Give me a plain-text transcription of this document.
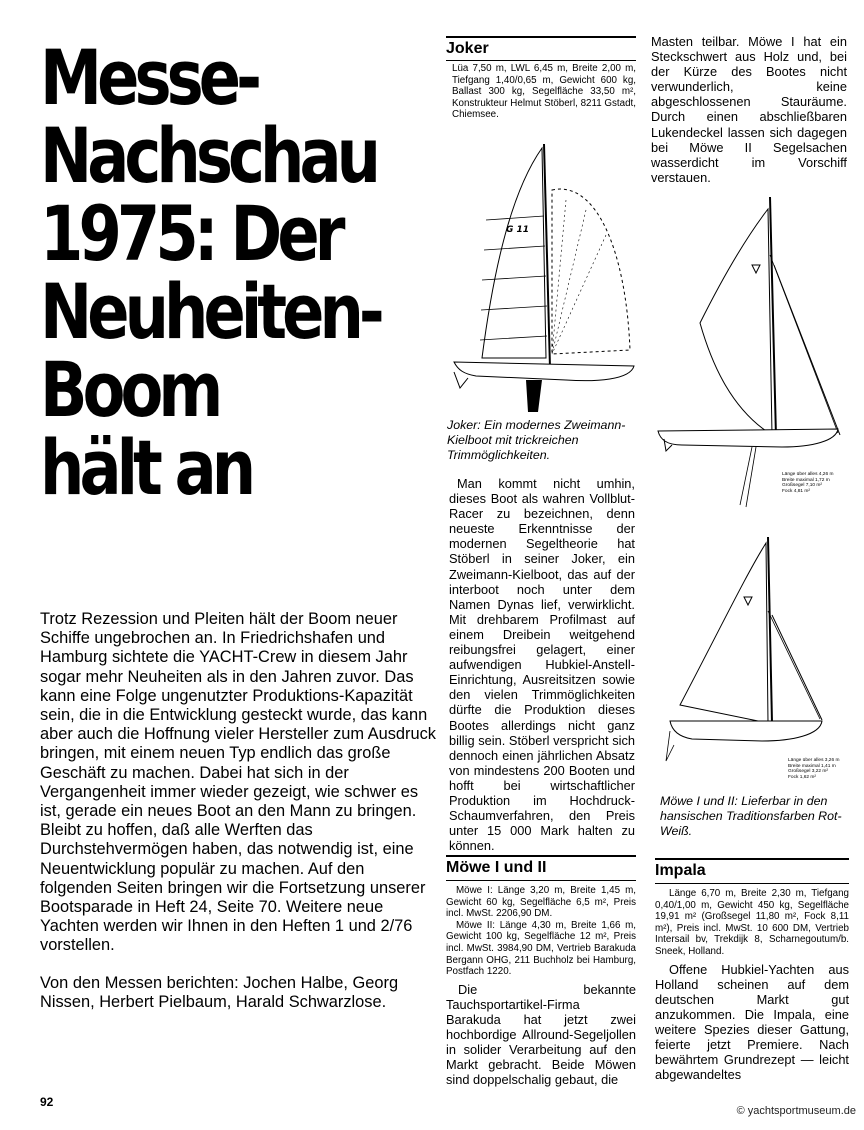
Messe-
Nachschau
1975: Der
Neuheiten-
Boom
hält an

Trotz Rezession und Pleiten hält der Boom neuer Schiffe ungebrochen an. In Friedrichshafen und Hamburg sichtete die YACHT-Crew in diesem Jahr sogar mehr Neuheiten als in den Jahren zuvor. Das kann eine Folge ungenutzter Produktions-Kapazität sein, die in die Entwicklung gesteckt wurde, das kann aber auch die Hoffnung vieler Hersteller zum Ausdruck bringen, mit einem neuen Typ endlich das große Geschäft zu machen. Dabei hat sich in der Vergangenheit immer wieder gezeigt, wie schwer es ist, gerade ein neues Boot an den Mann zu bringen. Bleibt zu hoffen, daß alle Werften das Durchstehvermögen haben, das notwendig ist, eine Neuentwicklung populär zu machen. Auf den folgenden Seiten bringen wir die Fortsetzung unserer Bootsparade in Heft 24, Seite 70. Weitere neue Yachten werden wir Ihnen in den Heften 1 und 2/76 vorstellen.

Von den Messen berichten: Jochen Halbe, Georg Nissen, Herbert Pielbaum, Harald Schwarzlose.

Joker
Lüa 7,50 m, LWL 6,45 m, Breite 2,00 m, Tiefgang 1,40/0,65 m, Gewicht 600 kg, Ballast 300 kg, Segelfläche 33,50 m², Konstrukteur Helmut Stöberl, 8211 Gstadt, Chiemsee.
G 11
Joker: Ein modernes Zweimann-Kielboot mit trickreichen Trimmöglichkeiten.
Man kommt nicht umhin, dieses Boot als wahren Vollblut-Racer zu bezeichnen, denn neueste Erkenntnisse der modernen Segeltheorie hat Stöberl in seiner Joker, ein Zweimann-Kielboot, das auf der interboot noch unter dem Namen Dynas lief, verwirklicht. Mit drehbarem Profilmast auf einem Dreibein weitgehend reibungsfrei gelagert, einer aufwendigen Hubkiel-Anstell-Einrichtung, Ausreitsitzen sowie den vielen Trimmöglichkeiten dürfte die Produktion dieses Bootes allerdings nicht ganz billig sein. Stöberl verspricht sich dennoch einen jährlichen Absatz von mindestens 200 Booten und hofft bei wirtschaftlicher Produktion im Hochdruck-Schaumverfahren, den Preis unter 15 000 Mark halten zu können.
Möwe I und II
Möwe I: Länge 3,20 m, Breite 1,45 m, Gewicht 60 kg, Segelfläche 6,5 m², Preis incl. MwSt. 2206,90 DM.
Möwe II: Länge 4,30 m, Breite 1,66 m, Gewicht 100 kg, Segelfläche 12 m², Preis incl. MwSt. 3984,90 DM, Vertrieb Barakuda Bergann OHG, 211 Buchholz bei Hamburg, Postfach 1220.
Die bekannte Tauchsportartikel-Firma Barakuda hat jetzt zwei hochbordige Allround-Segeljollen in solider Verarbeitung auf den Markt gebracht. Beide Möwen sind doppelschalig gebaut, die
Masten teilbar. Möwe I hat ein Steckschwert aus Holz und, bei der Kürze des Bootes nicht verwunderlich, keine abgeschlossenen Stauräume. Durch einen abschließbaren Lukendeckel lassen sich dagegen bei Möwe II Segelsachen wasserdicht im Vorschiff verstauen.
Länge über alles 4,26 m
Breite maximal 1,72 m
Großsegel 7,10 m²
Fock 4,81 m²
Länge über alles 3,26 m
Breite maximal 1,41 m
Großsegel 3,22 m²
Fock 1,62 m²
Möwe I und II: Lieferbar in den hansischen Traditionsfarben Rot-Weiß.
Impala
Länge 6,70 m, Breite 2,30 m, Tiefgang 0,40/1,00 m, Gewicht 450 kg, Segelfläche 19,91 m² (Großsegel 11,80 m², Fock 8,11 m²), Preis incl. MwSt. 10 600 DM, Vertrieb Intersail bv, Trekdijk 8, Scharnegoutum/b. Sneek, Holland.
Offene Hubkiel-Yachten aus Holland scheinen auf dem deutschen Markt gut anzukommen. Die Impala, eine weitere Spezies dieser Gattung, feierte jetzt Premiere. Nach bewährtem Grundrezept — leicht abgewandeltes
92
© yachtsportmuseum.de
